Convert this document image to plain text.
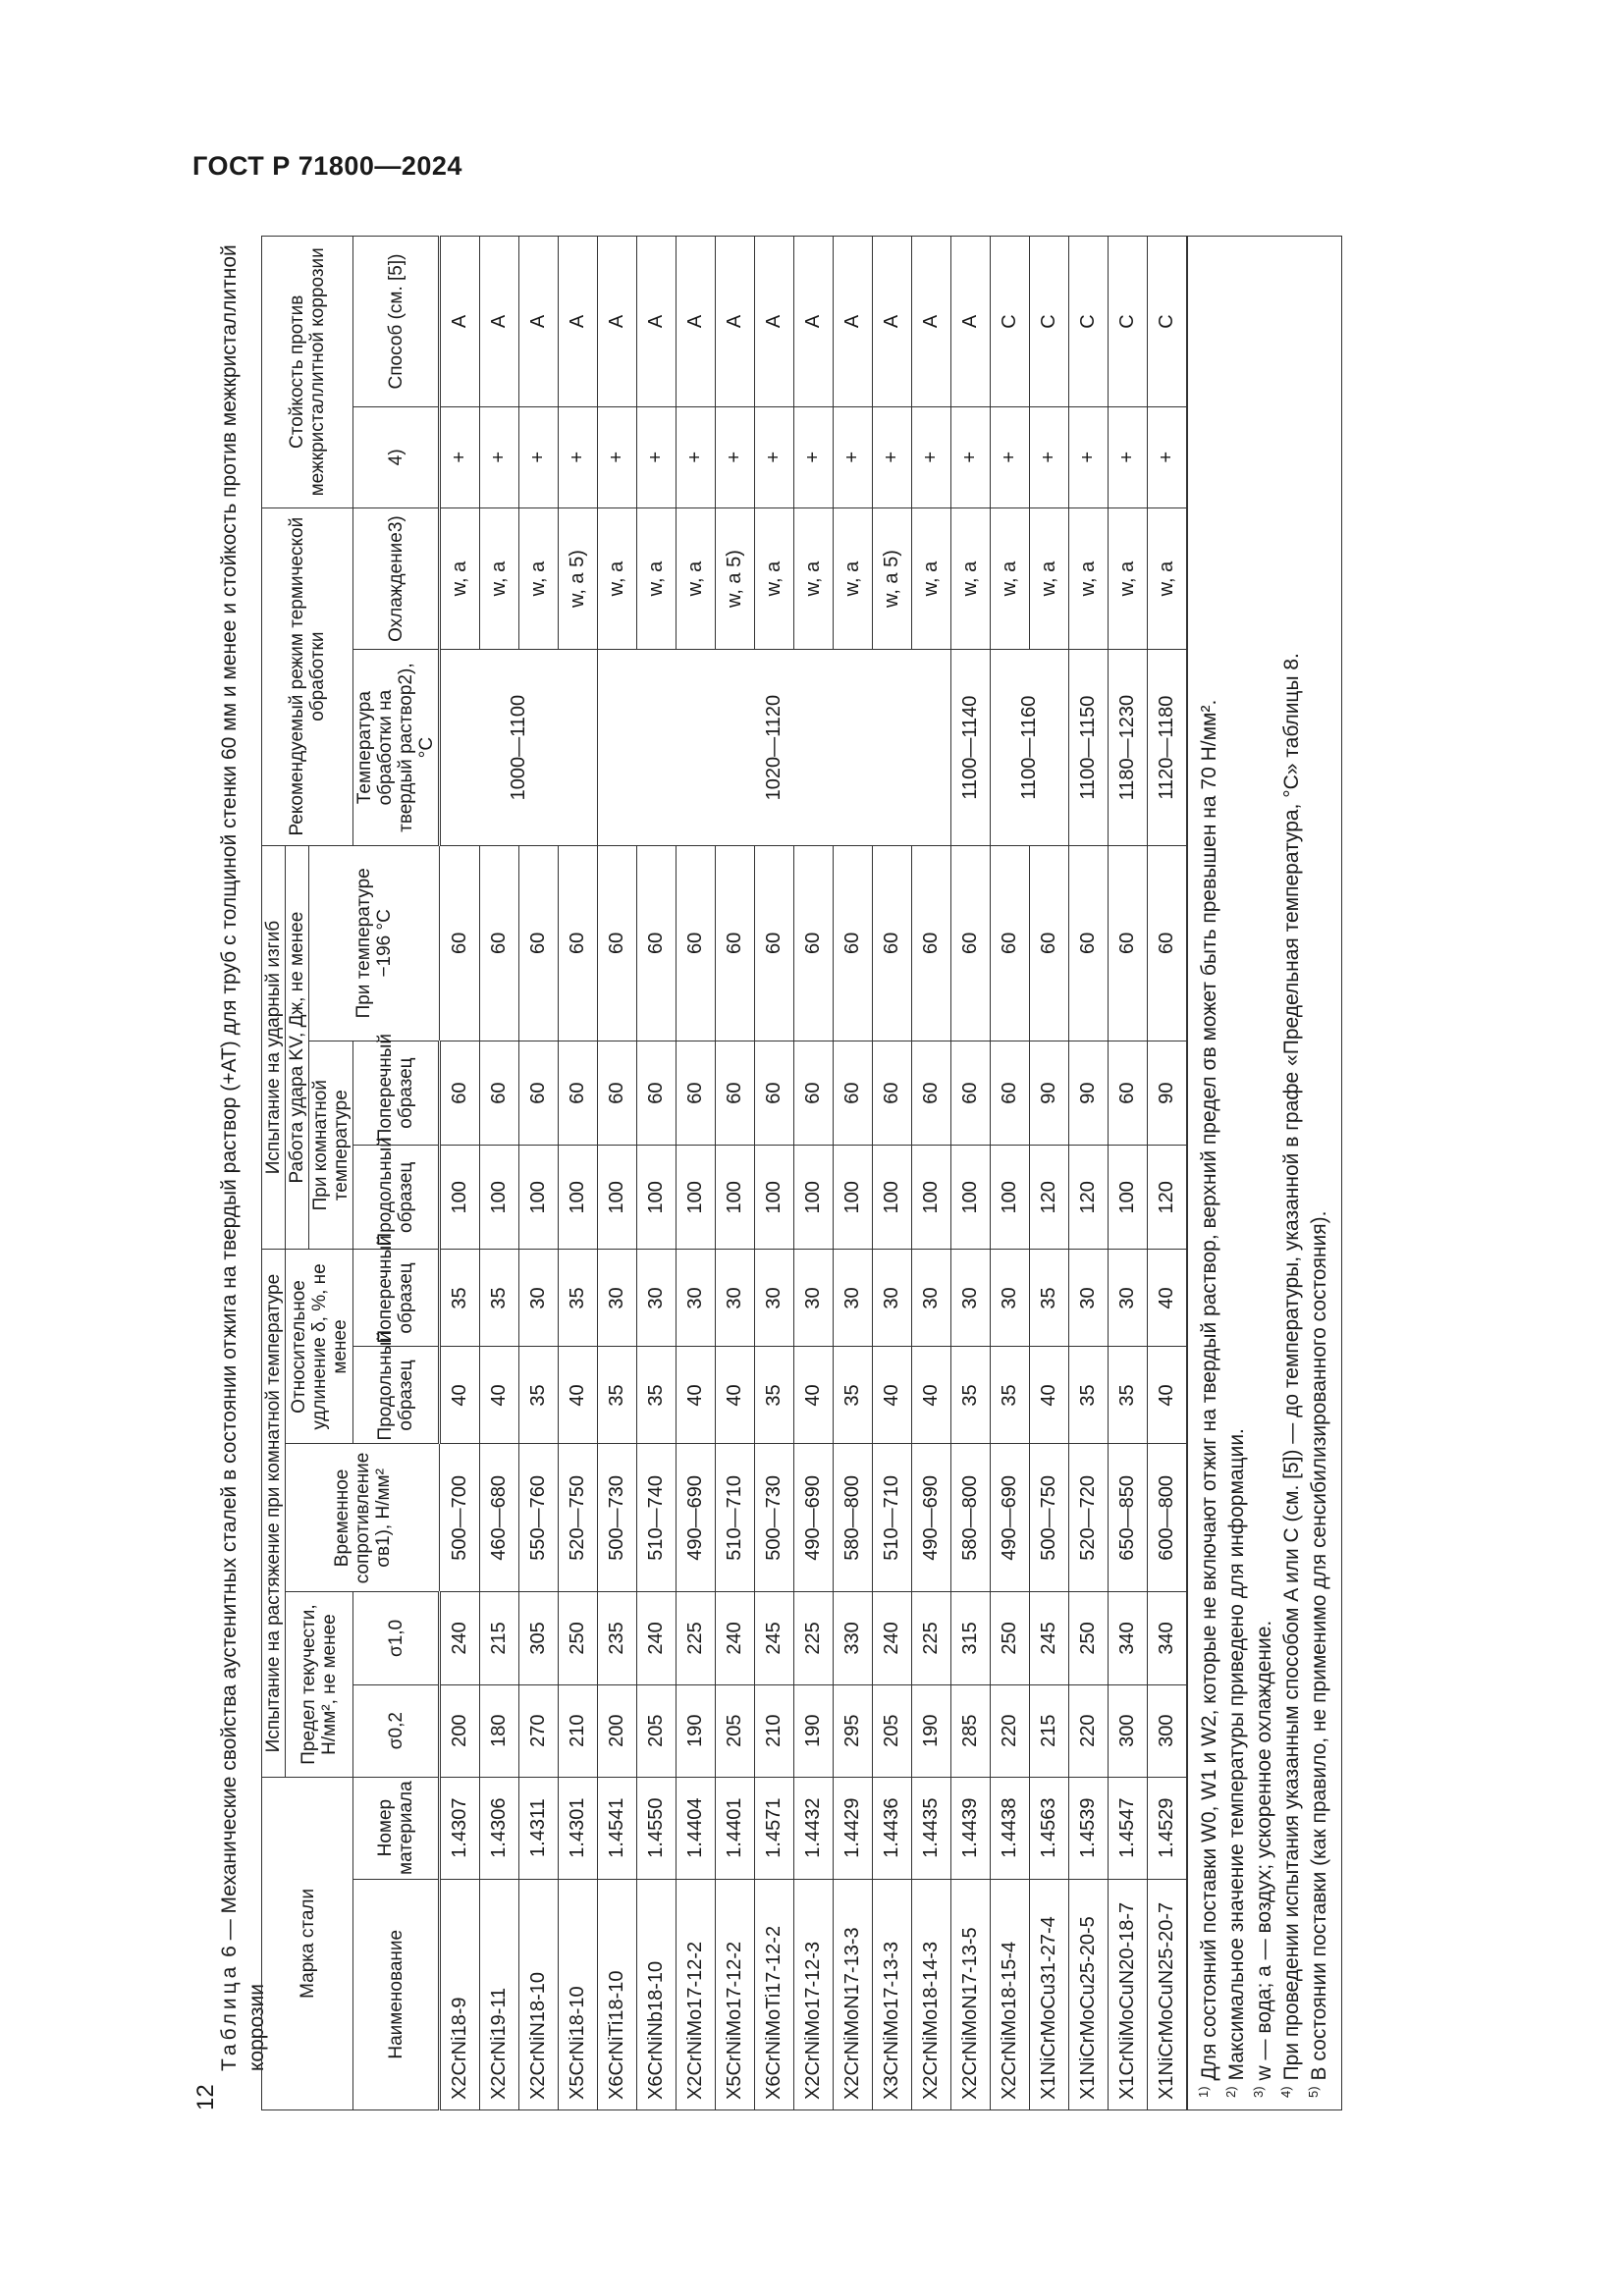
ГОСТ Р 71800—2024
12
Таблица 6 — Механические свойства аустенитных сталей в состоянии отжига на твердый раствор (+AT) для труб с толщиной стенки 60 мм и менее и стойкость против межкристаллитной коррозии
Марка стали		Испытание на растяжение при комнатной температуре					Испытание на ударный изгиб			Рекомендуемый режим термической обработки		Стойкость против межкристаллитной коррозии	
		Предел текучести, Н/мм², не менее		Временное сопротивление σв1), Н/мм²	Относительное удлинение δ, %, не менее		Работа удара KV, Дж, не менее						
							При комнатной температуре		При температуре −196 °С				
Наименование	Номер материала	σ0,2	σ1,0		Продольный образец	Поперечный образец	Продольный образец	Поперечный образец		Температура обработки на твердый раствор2), °С	Охлаждение3)	4)	Способ (см. [5])
X2CrNi18-9	1.4307	200	240	500—700	40	35	100	60	60	1000—1100	w, a	+	A
X2CrNi19-11	1.4306	180	215	460—680	40	35	100	60	60		w, a	+	A
X2CrNiN18-10	1.4311	270	305	550—760	35	30	100	60	60		w, a	+	A
X5CrNi18-10	1.4301	210	250	520—750	40	35	100	60	60		w, a 5)	+	A
X6CrNiTi18-10	1.4541	200	235	500—730	35	30	100	60	60	1020—1120	w, a	+	A
X6CrNiNb18-10	1.4550	205	240	510—740	35	30	100	60	60		w, a	+	A
X2CrNiMo17-12-2	1.4404	190	225	490—690	40	30	100	60	60		w, a	+	A
X5CrNiMo17-12-2	1.4401	205	240	510—710	40	30	100	60	60		w, a 5)	+	A
X6CrNiMoTi17-12-2	1.4571	210	245	500—730	35	30	100	60	60		w, a	+	A
X2CrNiMo17-12-3	1.4432	190	225	490—690	40	30	100	60	60		w, a	+	A
X2CrNiMoN17-13-3	1.4429	295	330	580—800	35	30	100	60	60		w, a	+	A
X3CrNiMo17-13-3	1.4436	205	240	510—710	40	30	100	60	60		w, a 5)	+	A
X2CrNiMo18-14-3	1.4435	190	225	490—690	40	30	100	60	60		w, a	+	A
X2CrNiMoN17-13-5	1.4439	285	315	580—800	35	30	100	60	60	1100—1140	w, a	+	A
X2CrNiMo18-15-4	1.4438	220	250	490—690	35	30	100	60	60	1100—1160	w, a	+	C
X1NiCrMoCu31-27-4	1.4563	215	245	500—750	40	35	120	90	60		w, a	+	C
X1NiCrMoCu25-20-5	1.4539	220	250	520—720	35	30	120	90	60	1100—1150	w, a	+	C
X1CrNiMoCuN20-18-7	1.4547	300	340	650—850	35	30	100	60	60	1180—1230	w, a	+	C
X1NiCrMoCuN25-20-7	1.4529	300	340	600—800	40	40	120	90	60	1120—1180	w, a	+	C

$^{1)}$Для состояний поставки W0, W1 и W2, которые не включают отжиг на твердый раствор, верхний предел σв может быть превышен на 70 Н/мм².
$^{2)}$Максимальное значение температуры приведено для информации.
$^{3)}$w — вода; a — воздух; ускоренное охлаждение.
$^{4)}$При проведении испытания указанным способом A или C (см. [5]) — до температуры, указанной в графе «Предельная температура, °С» таблицы 8.
$^{5)}$В состоянии поставки (как правило, не применимо для сенсибилизированного состояния).													
